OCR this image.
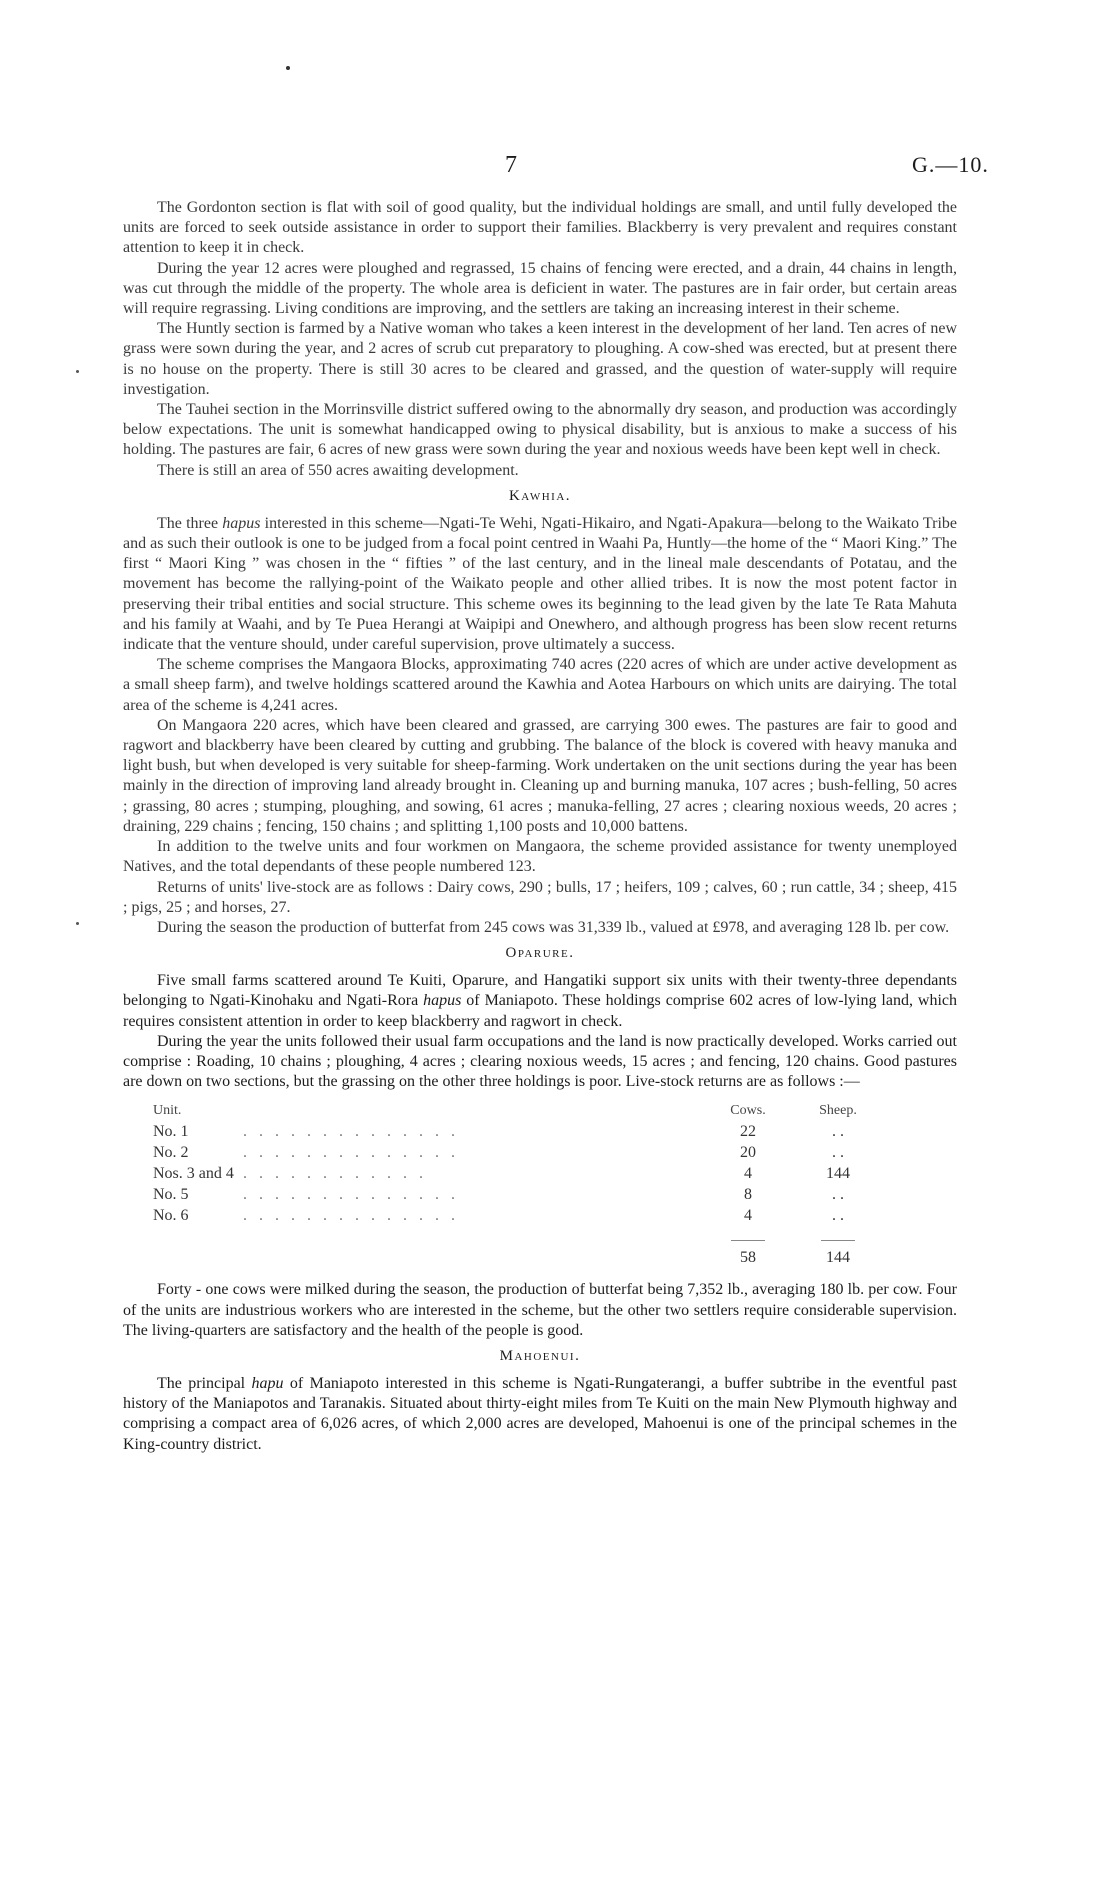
7	G.—10.

The Gordonton section is flat with soil of good quality, but the individual holdings are small, and until fully developed the units are forced to seek outside assistance in order to support their families. Blackberry is very prevalent and requires constant attention to keep it in check.

During the year 12 acres were ploughed and regrassed, 15 chains of fencing were erected, and a drain, 44 chains in length, was cut through the middle of the property. The whole area is deficient in water. The pastures are in fair order, but certain areas will require regrassing. Living conditions are improving, and the settlers are taking an increasing interest in their scheme.

The Huntly section is farmed by a Native woman who takes a keen interest in the development of her land. Ten acres of new grass were sown during the year, and 2 acres of scrub cut preparatory to ploughing. A cow-shed was erected, but at present there is no house on the property. There is still 30 acres to be cleared and grassed, and the question of water-supply will require investigation.

The Tauhei section in the Morrinsville district suffered owing to the abnormally dry season, and production was accordingly below expectations. The unit is somewhat handicapped owing to physical disability, but is anxious to make a success of his holding. The pastures are fair, 6 acres of new grass were sown during the year and noxious weeds have been kept well in check.

There is still an area of 550 acres awaiting development.

Kawhia.

The three hapus interested in this scheme—Ngati-Te Wehi, Ngati-Hikairo, and Ngati-Apakura—belong to the Waikato Tribe and as such their outlook is one to be judged from a focal point centred in Waahi Pa, Huntly—the home of the “ Maori King.” The first “ Maori King ” was chosen in the “ fifties ” of the last century, and in the lineal male descendants of Potatau, and the movement has become the rallying-point of the Waikato people and other allied tribes. It is now the most potent factor in preserving their tribal entities and social structure. This scheme owes its beginning to the lead given by the late Te Rata Mahuta and his family at Waahi, and by Te Puea Herangi at Waipipi and Onewhero, and although progress has been slow recent returns indicate that the venture should, under careful supervision, prove ultimately a success.

The scheme comprises the Mangaora Blocks, approximating 740 acres (220 acres of which are under active development as a small sheep farm), and twelve holdings scattered around the Kawhia and Aotea Harbours on which units are dairying. The total area of the scheme is 4,241 acres.

On Mangaora 220 acres, which have been cleared and grassed, are carrying 300 ewes. The pastures are fair to good and ragwort and blackberry have been cleared by cutting and grubbing. The balance of the block is covered with heavy manuka and light bush, but when developed is very suitable for sheep-farming. Work undertaken on the unit sections during the year has been mainly in the direction of improving land already brought in. Cleaning up and burning manuka, 107 acres ; bush-felling, 50 acres ; grassing, 80 acres ; stumping, ploughing, and sowing, 61 acres ; manuka-felling, 27 acres ; clearing noxious weeds, 20 acres ; draining, 229 chains ; fencing, 150 chains ; and splitting 1,100 posts and 10,000 battens.

In addition to the twelve units and four workmen on Mangaora, the scheme provided assistance for twenty unemployed Natives, and the total dependants of these people numbered 123.

Returns of units' live-stock are as follows : Dairy cows, 290 ; bulls, 17 ; heifers, 109 ; calves, 60 ; run cattle, 34 ; sheep, 415 ; pigs, 25 ; and horses, 27.

During the season the production of butterfat from 245 cows was 31,339 lb., valued at £978, and averaging 128 lb. per cow.

Oparure.

Five small farms scattered around Te Kuiti, Oparure, and Hangatiki support six units with their twenty-three dependants belonging to Ngati-Kinohaku and Ngati-Rora hapus of Maniapoto. These holdings comprise 602 acres of low-lying land, which requires consistent attention in order to keep blackberry and ragwort in check.

During the year the units followed their usual farm occupations and the land is now practically developed. Works carried out comprise : Roading, 10 chains ; ploughing, 4 acres ; clearing noxious weeds, 15 acres ; and fencing, 120 chains. Good pastures are down on two sections, but the grassing on the other three holdings is poor. Live-stock returns are as follows :—

Unit.		Cows.	Sheep.
No. 1	. . . . . . . . . . . . . .	22	. .
No. 2	. . . . . . . . . . . . . .	20	. .
Nos. 3 and 4	. . . . . . . . . . . .	4	144
No. 5	. . . . . . . . . . . . . .	8	. .
No. 6	. . . . . . . . . . . . . .	4	. .

		58	144

Forty - one cows were milked during the season, the production of butterfat being 7,352 lb., averaging 180 lb. per cow. Four of the units are industrious workers who are interested in the scheme, but the other two settlers require considerable supervision. The living-quarters are satisfactory and the health of the people is good.

Mahoenui.

The principal hapu of Maniapoto interested in this scheme is Ngati-Rungaterangi, a buffer subtribe in the eventful past history of the Maniapotos and Taranakis. Situated about thirty-eight miles from Te Kuiti on the main New Plymouth highway and comprising a compact area of 6,026 acres, of which 2,000 acres are developed, Mahoenui is one of the principal schemes in the King-country district.
